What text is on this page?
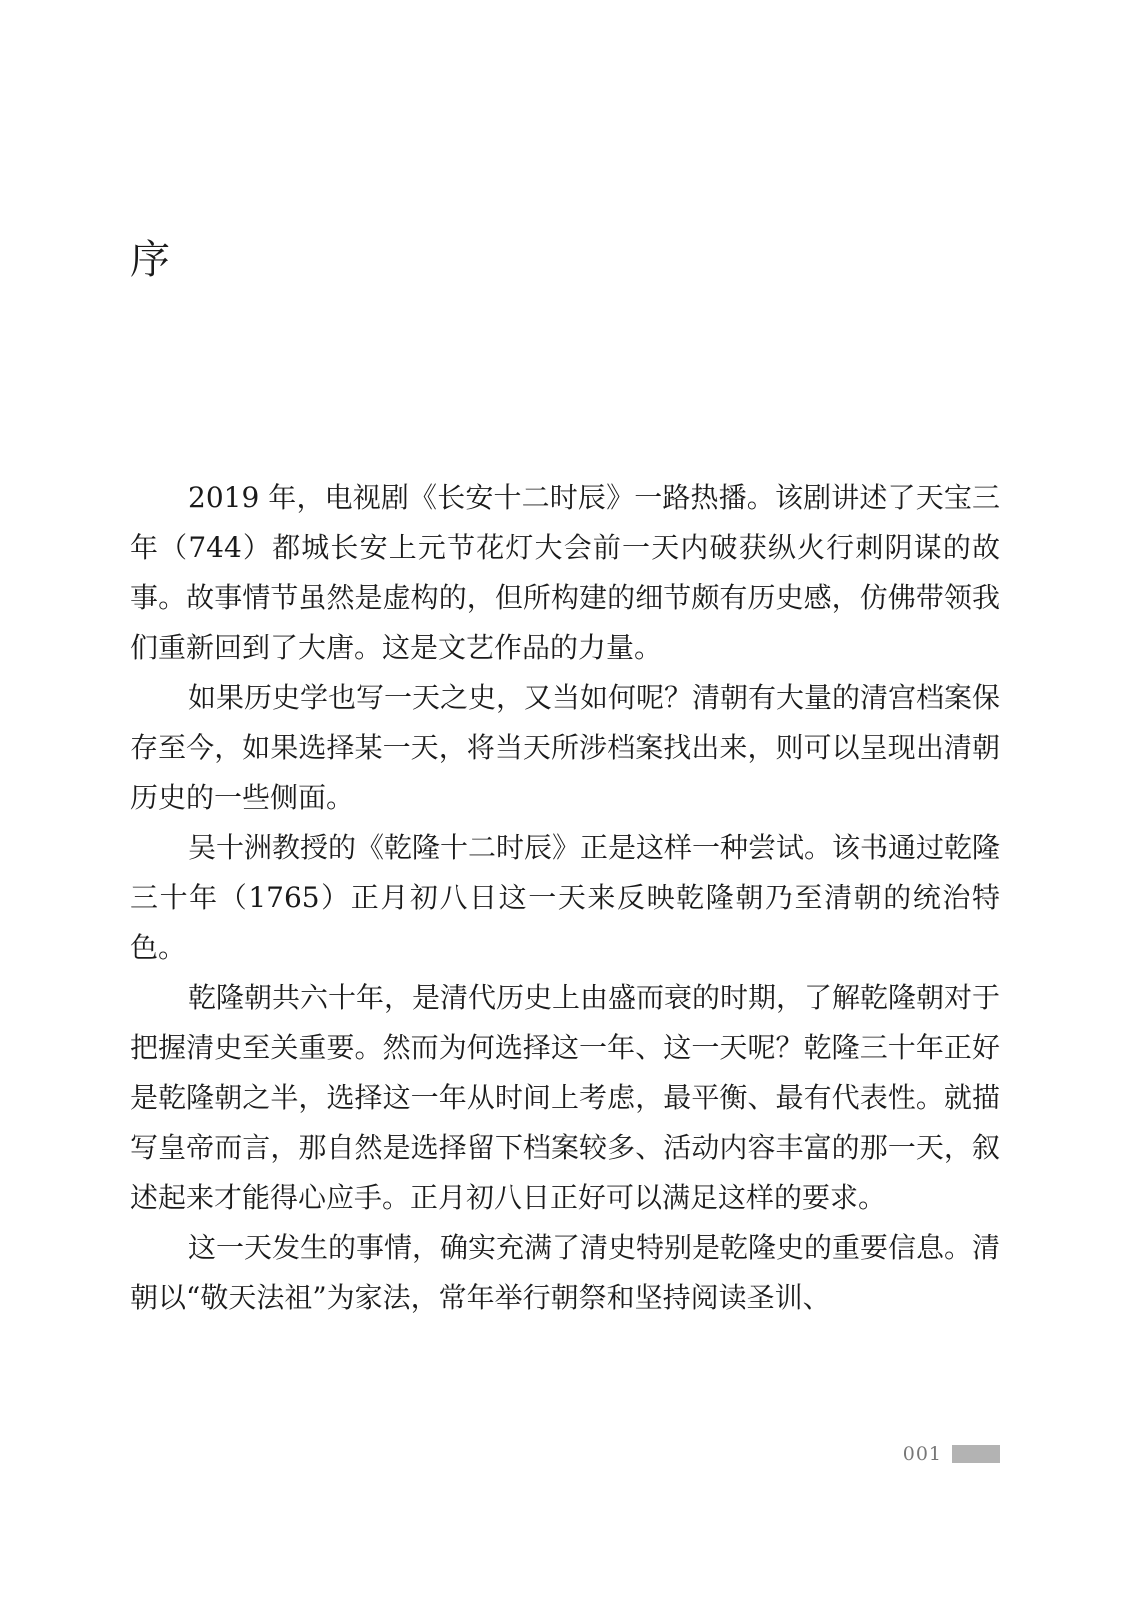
序

2019 年，电视剧《长安十二时辰》一路热播。该剧讲述了天宝三年（744）都城长安上元节花灯大会前一天内破获纵火行刺阴谋的故事。故事情节虽然是虚构的，但所构建的细节颇有历史感，仿佛带领我们重新回到了大唐。这是文艺作品的力量。

如果历史学也写一天之史，又当如何呢？清朝有大量的清宫档案保存至今，如果选择某一天，将当天所涉档案找出来，则可以呈现出清朝历史的一些侧面。

吴十洲教授的《乾隆十二时辰》正是这样一种尝试。该书通过乾隆三十年（1765）正月初八日这一天来反映乾隆朝乃至清朝的统治特色。

乾隆朝共六十年，是清代历史上由盛而衰的时期，了解乾隆朝对于把握清史至关重要。然而为何选择这一年、这一天呢？乾隆三十年正好是乾隆朝之半，选择这一年从时间上考虑，最平衡、最有代表性。就描写皇帝而言，那自然是选择留下档案较多、活动内容丰富的那一天，叙述起来才能得心应手。正月初八日正好可以满足这样的要求。

这一天发生的事情，确实充满了清史特别是乾隆史的重要信息。清朝以“敬天法祖”为家法，常年举行朝祭和坚持阅读圣训、

001
